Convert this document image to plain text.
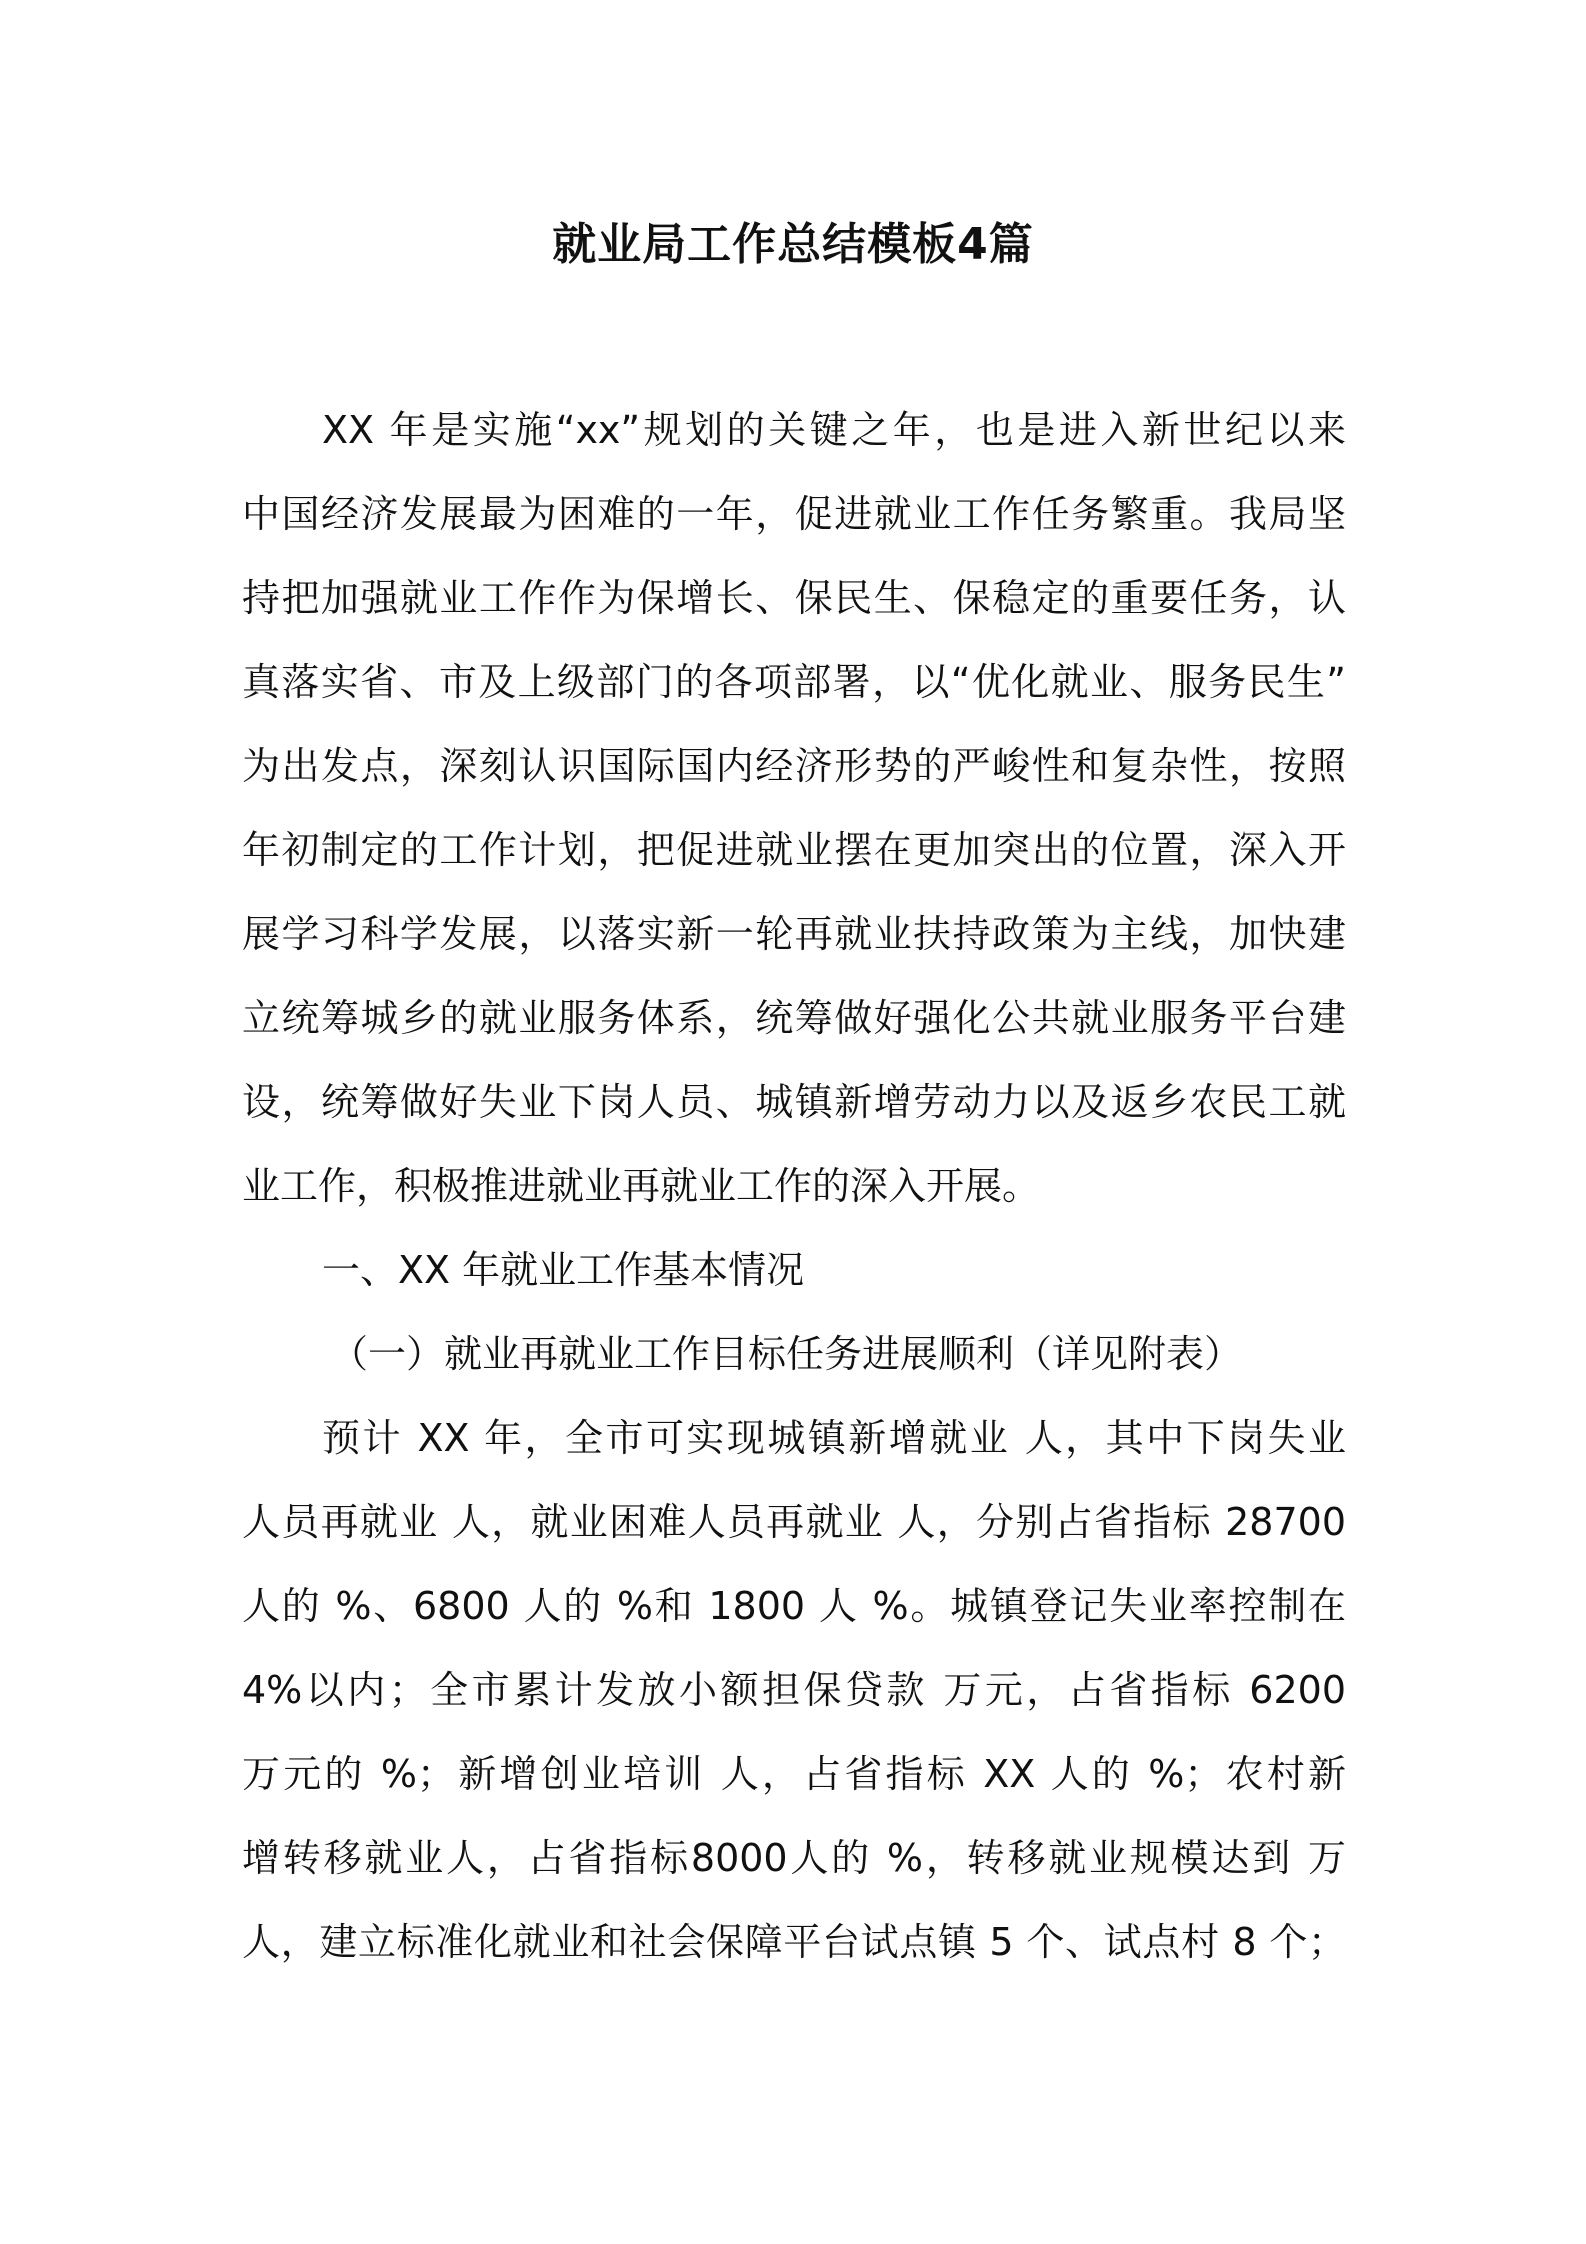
就业局工作总结模板4篇
XX 年是实施“xx”规划的关键之年，也是进入新世纪以来
中国经济发展最为困难的一年，促进就业工作任务繁重。我局坚
持把加强就业工作作为保增长、保民生、保稳定的重要任务，认
真落实省、市及上级部门的各项部署，以“优化就业、服务民生”
为出发点，深刻认识国际国内经济形势的严峻性和复杂性，按照
年初制定的工作计划，把促进就业摆在更加突出的位置，深入开
展学习科学发展，以落实新一轮再就业扶持政策为主线，加快建
立统筹城乡的就业服务体系，统筹做好强化公共就业服务平台建
设，统筹做好失业下岗人员、城镇新增劳动力以及返乡农民工就
业工作，积极推进就业再就业工作的深入开展。
一、XX 年就业工作基本情况
（一）就业再就业工作目标任务进展顺利（详见附表）
预计 XX 年，全市可实现城镇新增就业 人，其中下岗失业
人员再就业 人，就业困难人员再就业 人，分别占省指标 28700
人的 %、6800 人的 %和 1800 人 %。城镇登记失业率控制在
4%以内；全市累计发放小额担保贷款 万元，占省指标 6200
万元的 %；新增创业培训 人，占省指标 XX 人的 %；农村新
增转移就业人，占省指标8000人的 %，转移就业规模达到 万
人，建立标准化就业和社会保障平台试点镇 5 个、试点村 8 个；
